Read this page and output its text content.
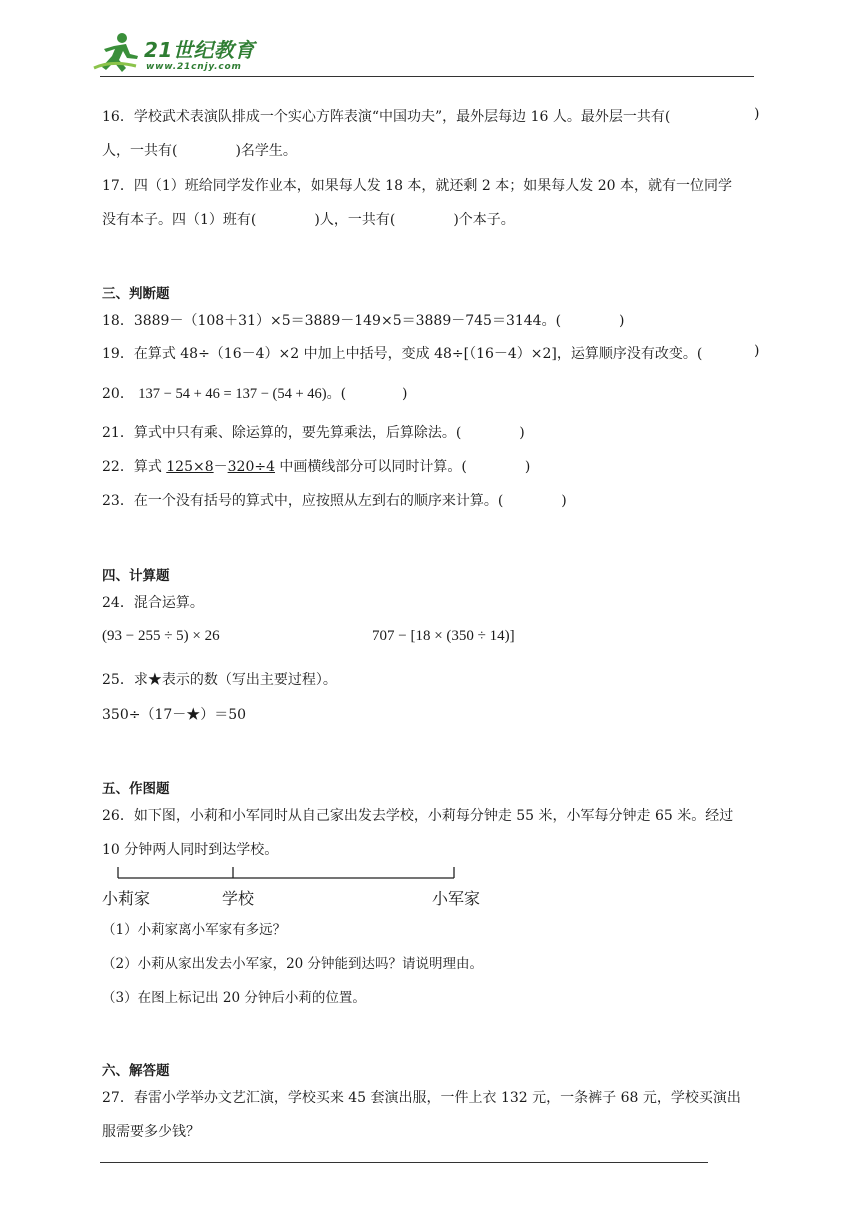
21世纪教育
www.21cnjy.com
16．学校武术表演队排成一个实心方阵表演“中国功夫”，最外层每边 16 人。最外层一共有(	)
人，一共有(	)名学生。
17．四（1）班给同学发作业本，如果每人发 18 本，就还剩 2 本；如果每人发 20 本，就有一位同学
没有本子。四（1）班有(	)人，一共有(	)个本子。
三、判断题
18．3889－（108＋31）×5＝3889－149×5＝3889－745＝3144。(	)
19．在算式 48÷（16－4）×2 中加上中括号，变成 48÷[（16－4）×2]，运算顺序没有改变。(	)
20． 137 − 54 + 46 = 137 − (54 + 46)。(	)
21．算式中只有乘、除运算的，要先算乘法，后算除法。(	)
22．算式 125×8－320÷4 中画横线部分可以同时计算。(	)
23．在一个没有括号的算式中，应按照从左到右的顺序来计算。(	)
四、计算题
24．混合运算。
(93 − 255 ÷ 5) × 26	707 − [18 × (350 ÷ 14)]
25．求★表示的数（写出主要过程）。
350÷（17－★）＝50
五、作图题
26．如下图，小莉和小军同时从自己家出发去学校，小莉每分钟走 55 米，小军每分钟走 65 米。经过
10 分钟两人同时到达学校。
小莉家	学校	小军家
（1）小莉家离小军家有多远？
（2）小莉从家出发去小军家，20 分钟能到达吗？请说明理由。
（3）在图上标记出 20 分钟后小莉的位置。
六、解答题
27．春雷小学举办文艺汇演，学校买来 45 套演出服，一件上衣 132 元，一条裤子 68 元，学校买演出
服需要多少钱？
